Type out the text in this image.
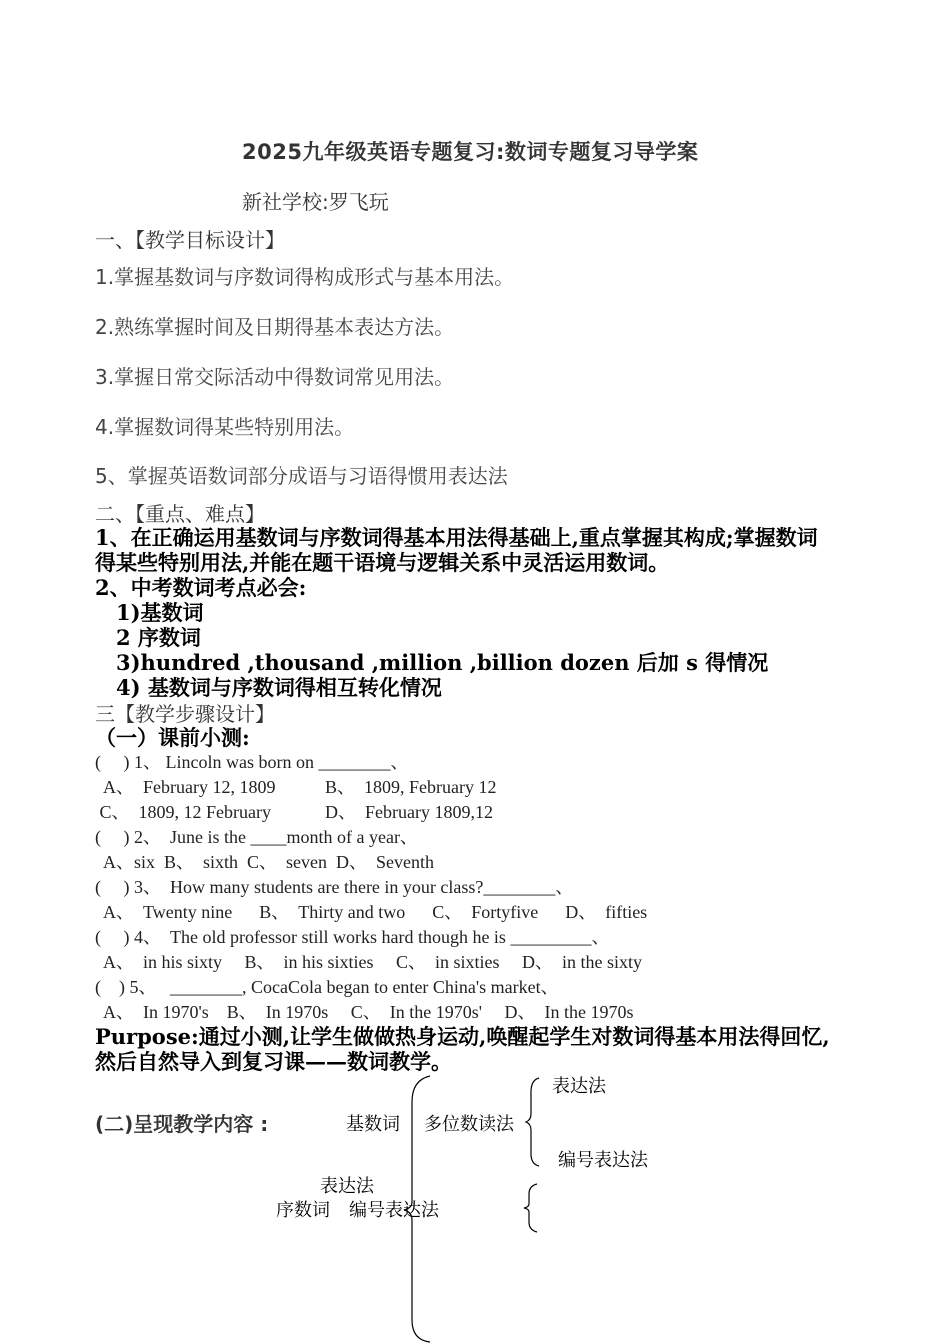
2025九年级英语专题复习:数词专题复习导学案
新社学校:罗飞玩
一、【教学目标设计】
1.掌握基数词与序数词得构成形式与基本用法。
2.熟练掌握时间及日期得基本表达方法。
3.掌握日常交际活动中得数词常见用法。
4.掌握数词得某些特别用法。
5、掌握英语数词部分成语与习语得惯用表达法
二、【重点、难点】
1、在正确运用基数词与序数词得基本用法得基础上,重点掌握其构成;掌握数词
得某些特别用法,并能在题干语境与逻辑关系中灵活运用数词。
2、中考数词考点必会:
1)基数词
2 序数词
3)hundred ,thousand ,million ,billion dozen 后加 s 得情况
4) 基数词与序数词得相互转化情况
三【教学步骤设计】
（一）课前小测:
(     ) 1、 Lincoln was born on ________、
A、  February 12, 1809           B、  1809, February 12
C、  1809, 12 February            D、  February 1809,12
(     ) 2、  June is the ____month of a year、
A、six  B、  sixth  C、  seven  D、  Seventh
(     ) 3、  How many students are there in your class?________、
A、  Twenty nine      B、  Thirty and two      C、  Fortyfive      D、  fifties
(     ) 4、  The old professor still works hard though he is _________、
A、  in his sixty     B、  in his sixties     C、  in sixties     D、  in the sixty
(    ) 5、   ________, CocaCola began to enter China's market、
A、  In 1970's    B、  In 1970s     C、  In the 1970s'     D、  In the 1970s
Purpose:通过小测,让学生做做热身运动,唤醒起学生对数词得基本用法得回忆,
然后自然导入到复习课——数词教学。
(二)呈现教学内容 :	基数词 多位数读法
表达法
编号表达法
表达法
序数词 编号表达法
